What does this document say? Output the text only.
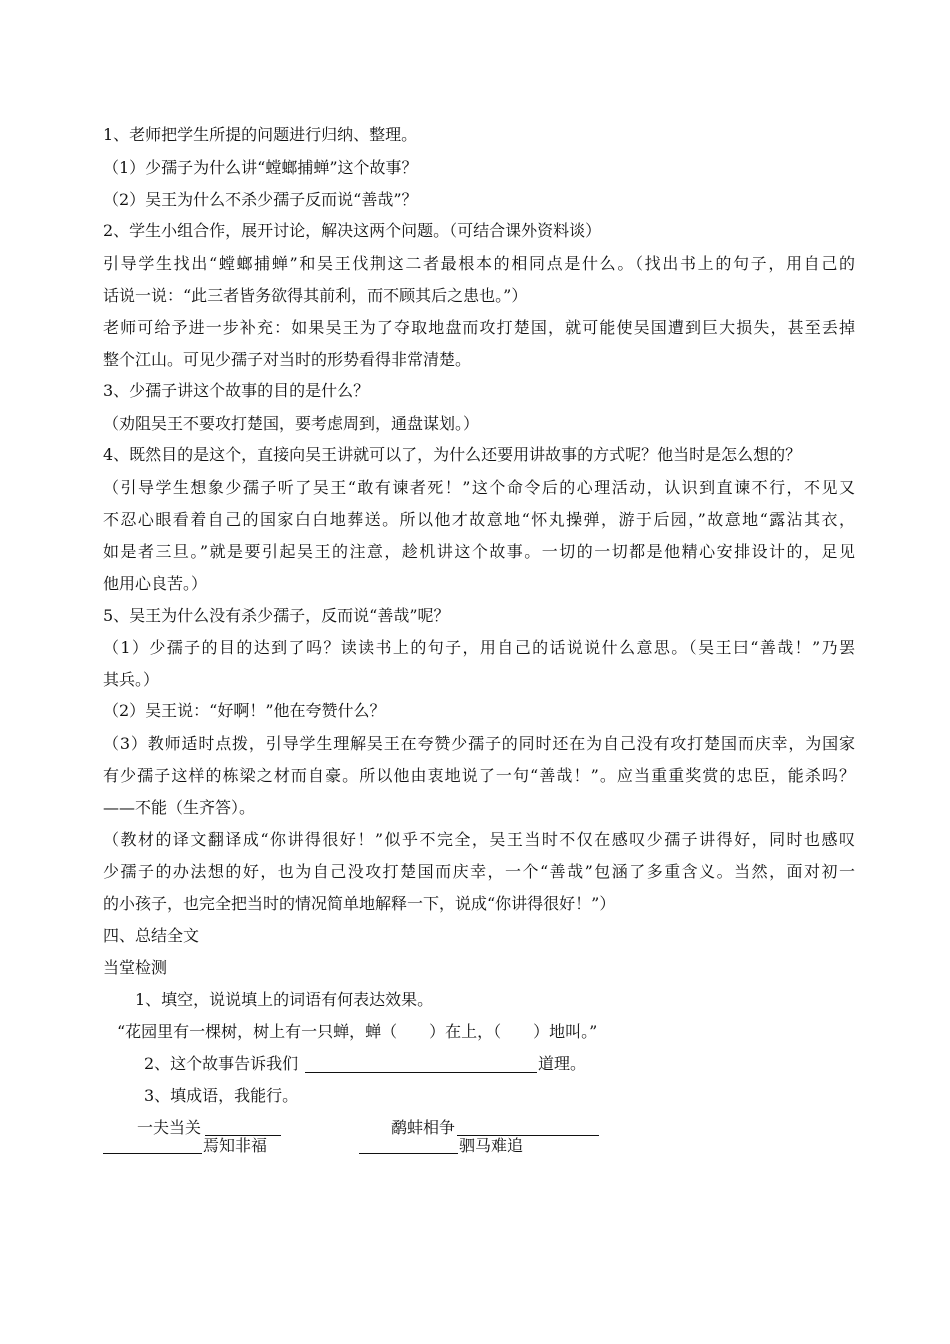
1、老师把学生所提的问题进行归纳、整理。
（1）少孺子为什么讲“螳螂捕蝉”这个故事？
（2）吴王为什么不杀少孺子反而说“善哉”？
2、学生小组合作，展开讨论，解决这两个问题。（可结合课外资料谈）
引导学生找出“螳螂捕蝉”和吴王伐荆这二者最根本的相同点是什么。（找出书上的句子，用自己的
话说一说：“此三者皆务欲得其前利，而不顾其后之患也。”）
老师可给予进一步补充：如果吴王为了夺取地盘而攻打楚国，就可能使吴国遭到巨大损失，甚至丢掉
整个江山。可见少孺子对当时的形势看得非常清楚。
3、少孺子讲这个故事的目的是什么？
（劝阻吴王不要攻打楚国，要考虑周到，通盘谋划。）
4、既然目的是这个，直接向吴王讲就可以了，为什么还要用讲故事的方式呢？他当时是怎么想的？
（引导学生想象少孺子听了吴王“敢有谏者死！”这个命令后的心理活动，认识到直谏不行，不见又
不忍心眼看着自己的国家白白地葬送。所以他才故意地“怀丸操弹，游于后园，”故意地“露沾其衣，
如是者三旦。”就是要引起吴王的注意，趁机讲这个故事。一切的一切都是他精心安排设计的，足见
他用心良苦。）
5、吴王为什么没有杀少孺子，反而说“善哉”呢？
（1）少孺子的目的达到了吗？读读书上的句子，用自己的话说说什么意思。（吴王曰“善哉！”乃罢
其兵。）
（2）吴王说：“好啊！”他在夸赞什么？
（3）教师适时点拨，引导学生理解吴王在夸赞少孺子的同时还在为自己没有攻打楚国而庆幸，为国家
有少孺子这样的栋梁之材而自豪。所以他由衷地说了一句“善哉！”。应当重重奖赏的忠臣，能杀吗？
——不能（生齐答）。
（教材的译文翻译成“你讲得很好！”似乎不完全，吴王当时不仅在感叹少孺子讲得好，同时也感叹
少孺子的办法想的好，也为自己没攻打楚国而庆幸，一个“善哉”包涵了多重含义。当然，面对初一
的小孩子，也完全把当时的情况简单地解释一下，说成“你讲得很好！”）
四、总结全文
当堂检测
1、填空，说说填上的词语有何表达效果。
“花园里有一棵树，树上有一只蝉，蝉（　　）在上，（　　）地叫。”
2、这个故事告诉我们	道理。
3、填成语，我能行。
一夫当关	鹬蚌相争
焉知非福	驷马难追
